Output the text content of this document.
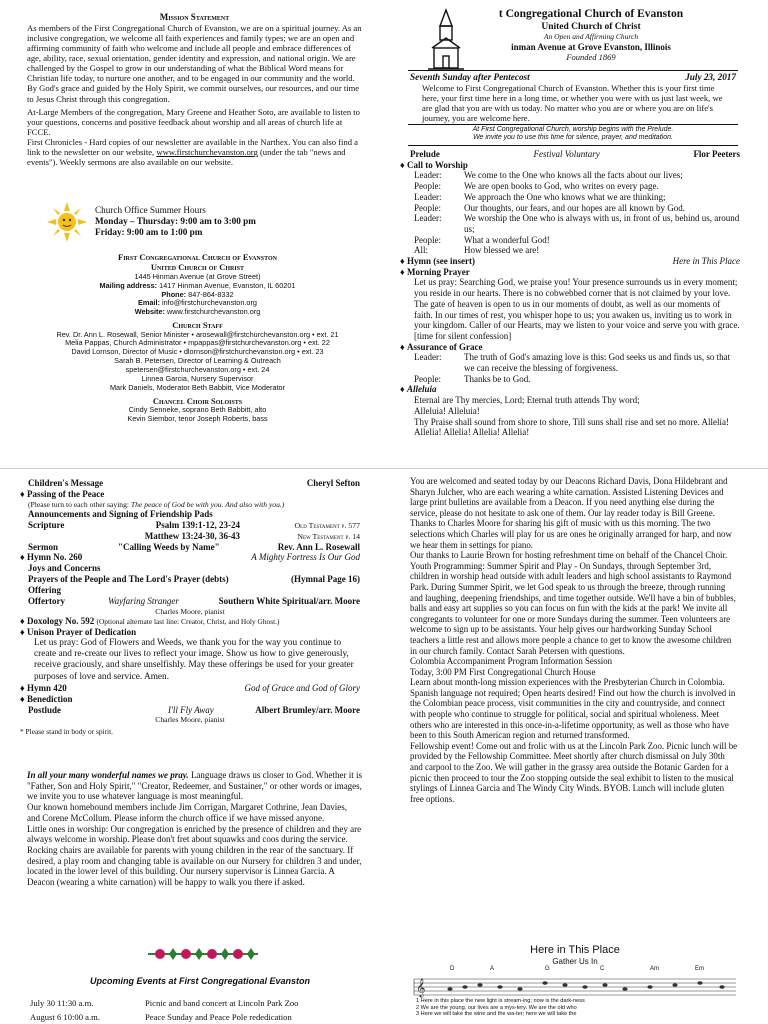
Mission Statement

As members of the First Congregational Church of Evanston, we are on a spiritual journey. As an inclusive congregation, we welcome all faith experiences and family types; we are an open and affirming community of faith who welcome and include all people and embrace differences of age, ability, race, sexual orientation, gender identity and expression, and national origin. We are challenged by the Gospel to grow in our understanding of what the Biblical Word means for Christian life today, to nurture one another, and to be engaged in our community and the world. By God's grace and guided by the Holy Spirit, we commit ourselves, our resources, and our time to Jesus Christ through this congregation.

At-Large Members of the congregation, Mary Greene and Heather Soto, are available to listen to your questions, concerns and positive feedback about worship and all areas of church life at FCCE.

First Chronicles - Hard copies of our newsletter are available in the Narthex. You can also find a link to the newsletter on our website, www.firstchurchevanston.org (under the tab "news and events"). Weekly sermons are also available on our website.

Church Office Summer Hours
Monday – Thursday: 9:00 am to 3:00 pm
Friday: 9:00 am to 1:00 pm
First Congregational Church of Evanston
United Church of Christ
1445 Hinman Avenue (at Grove Street)
Mailing address: 1417 Hinman Avenue, Evanston, IL 60201
Phone: 847-864-8332
Email: info@firstchurchevanston.org
Website: www.firstchurchevanston.org
Church Staff
Rev. Dr. Ann L. Rosewall, Senior Minister • arosewall@firstchurchevanston.org • ext. 21
Melia Pappas, Church Administrator • mpappas@firstchurchevanston.org • ext. 22
David Lornson, Director of Music • dlornson@firstchurchevanston.org • ext. 23
Sarah B. Petersen, Director of Learning & Outreach
spetersen@firstchurchevanston.org • ext. 24
Linnea Garcia, Nursery Supervisor
Mark Daniels, Moderator Beth Babbitt, Vice Moderator
Chancel Choir Soloists
Cindy Senneke, soprano Beth Babbitt, alto
Kevin Siembor, tenor Joseph Roberts, bass
t Congregational Church of Evanston
United Church of Christ
An Open and Affirming Church
inman Avenue at Grove Evanston, Illinois
Founded 1869
Seventh Sunday after Pentecost	July 23, 2017

Welcome to First Congregational Church of Evanston. Whether this is your first time here, your first time here in a long time, or whether you were with us just last week, we are glad that you are with us today. No matter who you are or where you are on life's journey, you are welcome here.

At First Congregational Church, worship begins with the Prelude.
We invite you to use this time for silence, prayer, and meditation.
Prelude	Festival Voluntary	Flor Peeters
♦ Call to Worship
Leader:	We come to the One who knows all the facts about our lives;
People:	We are open books to God, who writes on every page.
Leader:	We approach the One who knows what we are thinking;
People:	Our thoughts, our fears, and our hopes are all known by God.
Leader:	We worship the One who is always with us, in front of us, behind us, around us;
People:	What a wonderful God!
All:	How blessed we are!
♦ Hymn (see insert)	Here in This Place
♦ Morning Prayer

Let us pray: Searching God, we praise you! Your presence surrounds us in every moment; you reside in our hearts. There is no cobwebbed corner that is not claimed by your love. The gate of heaven is open to us in our moments of doubt, as well as our moments of faith. In our times of rest, you whisper hope to us; you awaken us, inviting us to work in your kingdom. Caller of our Hearts, may we listen to your voice and serve you with grace.

[time for silent confession]

♦ Assurance of Grace
Leader:	The truth of God's amazing love is this: God seeks us and finds us, so that we can receive the blessing of forgiveness.
People:	Thanks be to God.
♦ Alleluia

Eternal are Thy mercies, Lord; Eternal truth attends Thy word;

Alleluia! Alleluia!

Thy Praise shall sound from shore to shore, Till suns shall rise and set no more. Allelia! Allelia! Allelia! Allelia! Allelia!

Children's Message	Cheryl Sefton
♦ Passing of the Peace
(Please turn to each other saying: The peace of God be with you. And also with you.)
Announcements and Signing of Friendship Pads
Scripture	Psalm 139:1-12, 23-24	Old Testament p. 577
Matthew 13:24-30, 36-43	New Testament p. 14
Sermon	"Calling Weeds by Name"	Rev. Ann L. Rosewall
♦ Hymn No. 260	A Mighty Fortress Is Our God
Joys and Concerns
Prayers of the People and The Lord's Prayer (debts)	(Hymnal Page 16)
Offering
Offertory	Wayfaring Stranger	Southern White Spiritual/arr. Moore
Charles Moore, pianist
♦ Doxology No. 592 (Optional alternate last line: Creator, Christ, and Holy Ghost.)
♦ Unison Prayer of Dedication

Let us pray: God of Flowers and Weeds, we thank you for the way you continue to create and re-create our lives to reflect your image. Show us how to give generously, receive graciously, and share unselfishly. May these offerings be used for your greater purposes of love and service. Amen.

♦ Hymn 420	God of Grace and God of Glory
♦ Benediction
Postlude	I'll Fly Away	Albert Brumley/arr. Moore
Charles Moore, pianist
* Please stand in body or spirit.

In all your many wonderful names we pray. Language draws us closer to God. Whether it is "Father, Son and Holy Spirit," "Creator, Redeemer, and Sustainer," or other words or images, we invite you to use whatever language is most meaningful.

Our known homebound members include Jim Corrigan, Margaret Cothrine, Jean Davies, and Corene McCollum. Please inform the church office if we have missed anyone.

Little ones in worship: Our congregation is enriched by the presence of children and they are always welcome in worship. Please don't fret about squawks and coos during the service. Rocking chairs are available for parents with young children in the rear of the sanctuary. If desired, a play room and changing table is available on our Nursery for children 3 and under, located in the lower level of this building. Our nursery supervisor is Linnea Garcia. A Deacon (wearing a white carnation) will be happy to walk you there if asked.

Upcoming Events at First Congregational Evanston
July 30 11:30 a.m.	Picnic and band concert at Lincoln Park Zoo
August 6 10:00 a.m.	Peace Sunday and Peace Pole rededication

You are welcomed and seated today by our Deacons Richard Davis, Dona Hildebrant and Sharyn Julcher, who are each wearing a white carnation. Assisted Listening Devices and large print bulletins are available from a Deacon. If you need anything else during the service, please do not hesitate to ask one of them. Our lay reader today is Bill Greene.

Thanks to Charles Moore for sharing his gift of music with us this morning. The two selections which Charles will play for us are ones he originally arranged for harp, and now we hear them in settings for piano.

Our thanks to Laurie Brown for hosting refreshment time on behalf of the Chancel Choir.

Youth Programming: Summer Spirit and Play - On Sundays, through September 3rd, children in worship head outside with adult leaders and high school assistants to Raymond Park. During Summer Spirit, we let God speak to us through the breeze, through running and laughing, deepening friendships, and time together outside. We'll have a bin of bubbles, balls and easy art supplies so you can focus on fun with the kids at the park! We invite all congregants to volunteer for one or more Sundays during the summer. Teen volunteers are welcome to sign up to be assistants. Your help gives our hardworking Sunday School teachers a little rest and allows more people a chance to get to know the awesome children in our church family. Contact Sarah Petersen with questions.

Colombia Accompaniment Program Information Session

Today, 3:00 PM First Congregational Church House

Learn about month-long mission experiences with the Presbyterian Church in Colombia. Spanish language not required; Open hearts desired! Find out how the church is involved in the Colombian peace process, visit communities in the city and countryside, and connect with people who continue to struggle for political, social and spiritual wholeness. Meet others who are interested in this once-in-a-lifetime opportunity, as well as those who have been to this South American region and returned transformed.

Fellowship event! Come out and frolic with us at the Lincoln Park Zoo. Picnic lunch will be provided by the Fellowship Committee. Meet shortly after church dismissal on July 30th and carpool to the Zoo. We will gather in the grassy area outside the Botanic Garden for a picnic then proceed to tour the Zoo stopping outside the seal exhibit to listen to the musical stylings of Linnea Garcia and The Windy City Winds. BYOB. Lunch will include gluten free options.

Here in This Place
Gather Us In
D	A	G	C	Am	Em
𝄞
1 Here in this place the new light is stream-ing; now is the dark-ness
2 We are the young, our lives are a mys-tery. We are the old who
3 Here we will take the wine and the wa-ter; here we will take the
